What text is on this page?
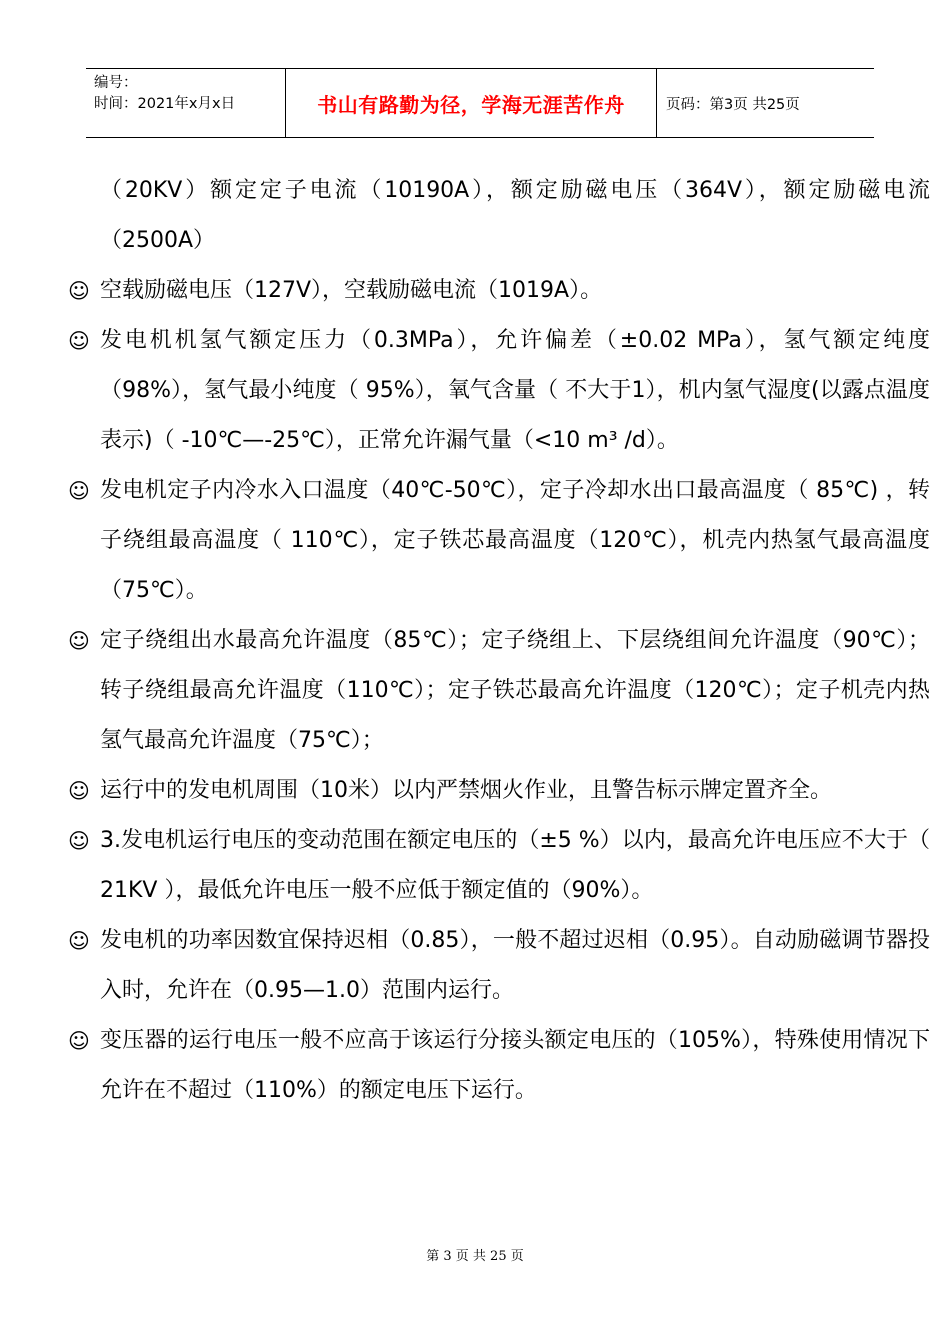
编号：
时间：2021年x月x日	书山有路勤为径，学海无涯苦作舟	页码：第3页 共25页
（20KV）额定定子电流（10190A），额定励磁电压（364V），额定励磁电流（2500A）
☺ 空载励磁电压（127V），空载励磁电流（1019A）。
☺ 发电机机氢气额定压力（0.3MPa），允许偏差（±0.02 MPa），氢气额定纯度（98%），氢气最小纯度（ 95%），氧气含量（ 不大于1），机内氢气湿度(以露点温度表示)（ -10℃—-25℃），正常允许漏气量（<10 m³ /d）。
☺ 发电机定子内冷水入口温度（40℃-50℃），定子冷却水出口最高温度（ 85℃) ，转子绕组最高温度（ 110℃），定子铁芯最高温度（120℃），机壳内热氢气最高温度（75℃）。
☺ 定子绕组出水最高允许温度（85℃）；定子绕组上、下层绕组间允许温度（90℃）；转子绕组最高允许温度（110℃）；定子铁芯最高允许温度（120℃）；定子机壳内热氢气最高允许温度（75℃）；
☺ 运行中的发电机周围（10米）以内严禁烟火作业，且警告标示牌定置齐全。
☺ 3.发电机运行电压的变动范围在额定电压的（±5 %）以内，最高允许电压应不大于（ 21KV ），最低允许电压一般不应低于额定值的（90%）。
☺ 发电机的功率因数宜保持迟相（0.85），一般不超过迟相（0.95）。自动励磁调节器投入时，允许在（0.95—1.0）范围内运行。
☺ 变压器的运行电压一般不应高于该运行分接头额定电压的（105%），特殊使用情况下允许在不超过（110%）的额定电压下运行。
第 3 页 共 25 页
